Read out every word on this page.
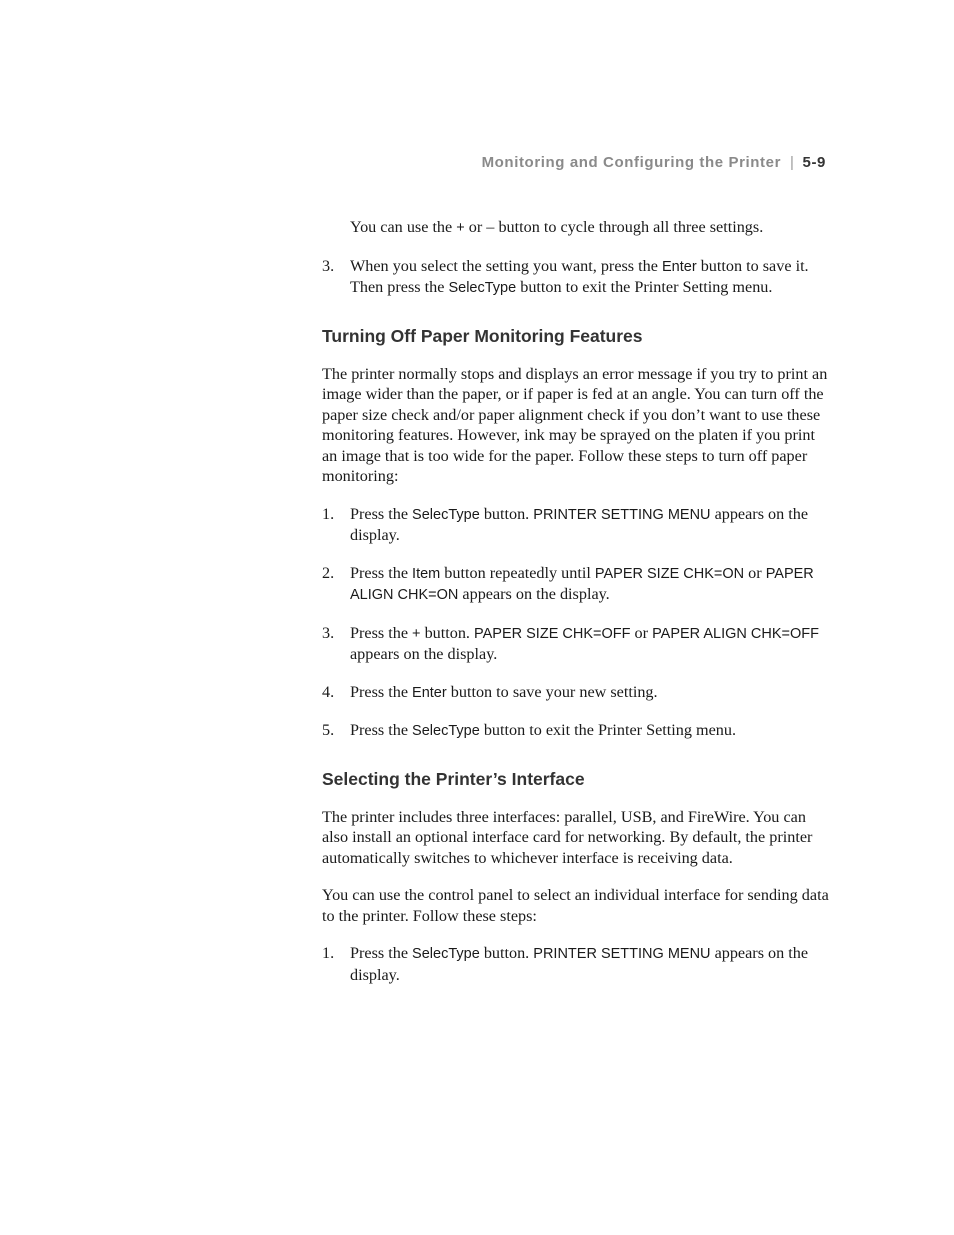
Monitoring and Configuring the Printer | 5-9

You can use the + or – button to cycle through all three settings.

3. When you select the setting you want, press the Enter button to save it. Then press the SelecType button to exit the Printer Setting menu.
Turning Off Paper Monitoring Features

The printer normally stops and displays an error message if you try to print an image wider than the paper, or if paper is fed at an angle. You can turn off the paper size check and/or paper alignment check if you don’t want to use these monitoring features. However, ink may be sprayed on the platen if you print an image that is too wide for the paper. Follow these steps to turn off paper monitoring:

1. Press the SelecType button. PRINTER SETTING MENU appears on the display.
2. Press the Item button repeatedly until PAPER SIZE CHK=ON or PAPER ALIGN CHK=ON appears on the display.
3. Press the + button. PAPER SIZE CHK=OFF or PAPER ALIGN CHK=OFF appears on the display.
4. Press the Enter button to save your new setting.
5. Press the SelecType button to exit the Printer Setting menu.
Selecting the Printer’s Interface

The printer includes three interfaces: parallel, USB, and FireWire. You can also install an optional interface card for networking. By default, the printer automatically switches to whichever interface is receiving data.

You can use the control panel to select an individual interface for sending data to the printer. Follow these steps:

1. Press the SelecType button. PRINTER SETTING MENU appears on the display.
